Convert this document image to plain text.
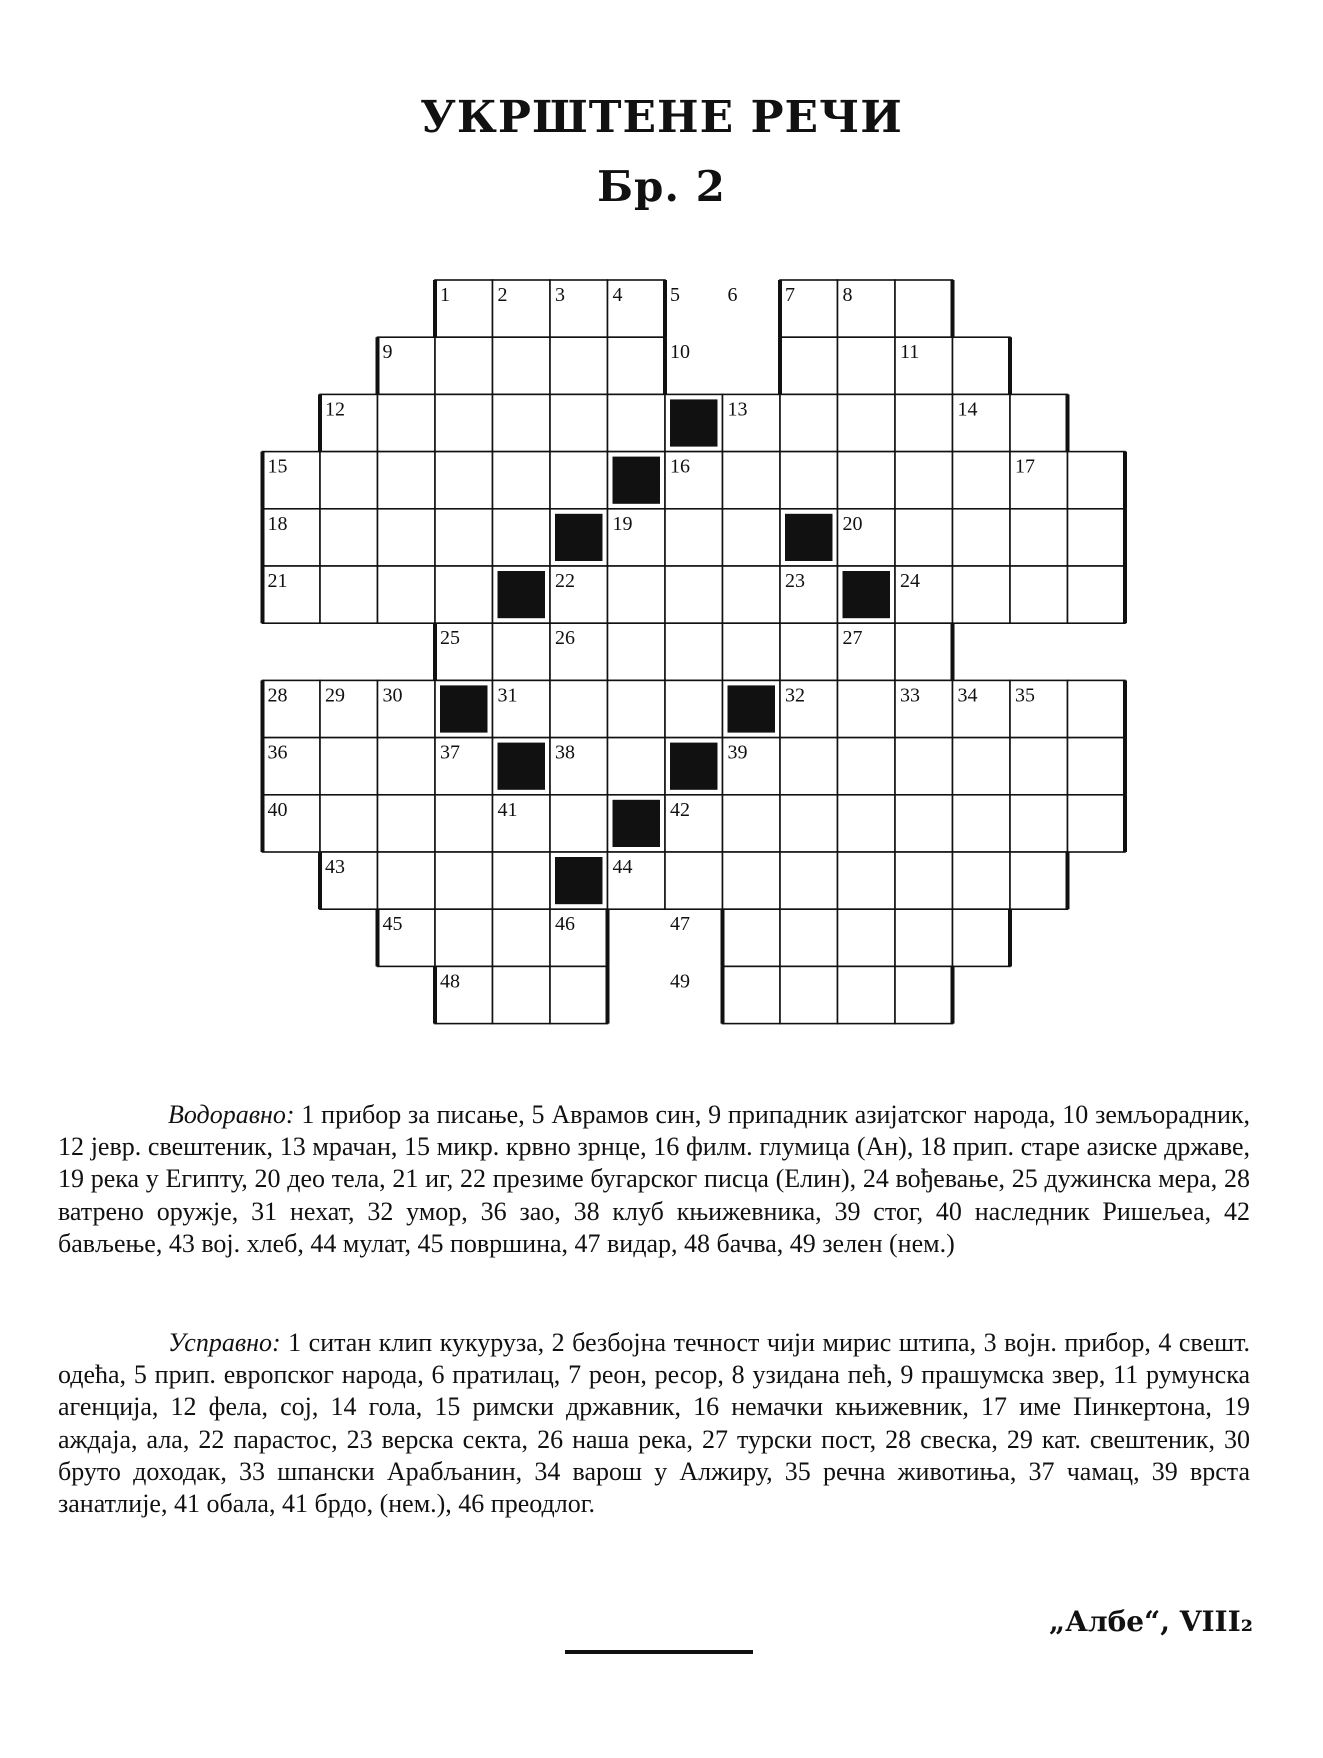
УКРШТЕНЕ РЕЧИ
Бр. 2
1 2 3 4 5 6 7 8
9	10	11
12	13	14
15	16	17
18	19	20
21	22	23	24
25	26	27
28 29 30	31	32	33 34 35
36	37	38	39
40	41	42
43	44
45	46	47
48	49

Водоравно: 1 прибор за писање, 5 Аврамов син, 9 припадник азијатског народа, 10 земљорадник, 12 јевр. свештеник, 13 мрачан, 15 микр. крвно зрнце, 16 филм. глумица (Ан), 18 прип. старе азиске државе, 19 река у Египту, 20 део тела, 21 иг, 22 презиме бугарског писца (Елин), 24 вођевање, 25 дужинска мера, 28 ватрено оружје, 31 нехат, 32 умор, 36 зао, 38 клуб књижевника, 39 стог, 40 наследник Ришељеа, 42 бављење, 43 вој. хлеб, 44 мулат, 45 површина, 47 видар, 48 бачва, 49 зелен (нем.)

Усправно: 1 ситан клип кукуруза, 2 безбојна течност чији мирис штипа, 3 војн. прибор, 4 свешт. одећа, 5 прип. европског народа, 6 пратилац, 7 реон, ресор, 8 узидана пећ, 9 прашумска звер, 11 румунска агенција, 12 фела, сој, 14 гола, 15 римски државник, 16 немачки књижевник, 17 име Пинкертона, 19 аждаја, ала, 22 парастос, 23 верска секта, 26 наша река, 27 турски пост, 28 свеска, 29 кат. свештеник, 30 бруто доходак, 33 шпански Арабљанин, 34 варош у Алжиру, 35 речна животиња, 37 чамац, 39 врста занатлије, 41 обала, 41 брдо, (нем.), 46 преодлог.

„Албе“, VIII₂
